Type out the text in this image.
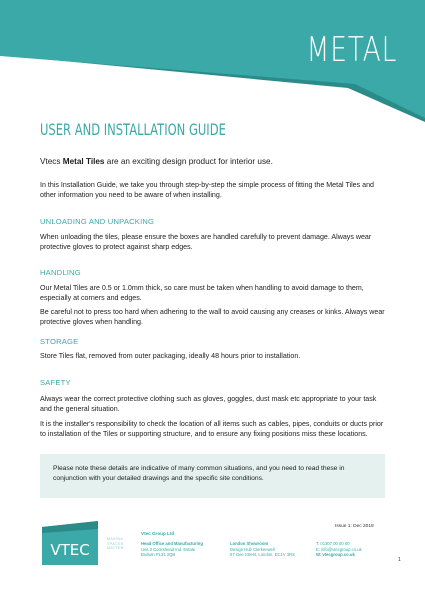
METAL
USER AND INSTALLATION GUIDE
Vtecs Metal Tiles are an exciting design product for interior use.
In this Installation Guide, we take you through step-by-step the simple process of fitting the Metal Tiles and other information you need to be aware of when installing.
UNLOADING AND UNPACKING
When unloading the tiles, please ensure the boxes are handled carefully to prevent damage. Always wear protective gloves to protect against sharp edges.
HANDLING
Our Metal Tiles are 0.5 or 1.0mm thick, so care must be taken when handling to avoid damage to them, especially at corners and edges.
Be careful not to press too hard when adhering to the wall to avoid causing any creases or kinks. Always wear protective gloves when handling.
STORAGE
Store Tiles flat, removed from outer packaging, ideally 48 hours prior to installation.
SAFETY
Always wear the correct protective clothing such as gloves, goggles, dust mask etc appropriate to your task and the general situation.
It is the installer's responsibility to check the location of all items such as cables, pipes, conduits or ducts prior to installation of the Tiles or supporting structure, and to ensure any fixing positions miss these locations.
Please note these details are indicative of many common situations, and you need to read these in conjunction with your detailed drawings and the specific site conditions.
VTEC
MAKING
SPACES
MATTER
Vtec Group Ltd
Head Office and Manufacturing
Unit 3 Cockshead Ind. Estate
Bodwin PL31 2QB
London Showroom
Design Hub Clerkenwell
67 Gee Street, London, EC1V 3RS
T: 01307 00 00 00
E: info@vtecgroup.co.uk
W: vtecgroup.co.uk
Issue 1: Dec 2018
1
